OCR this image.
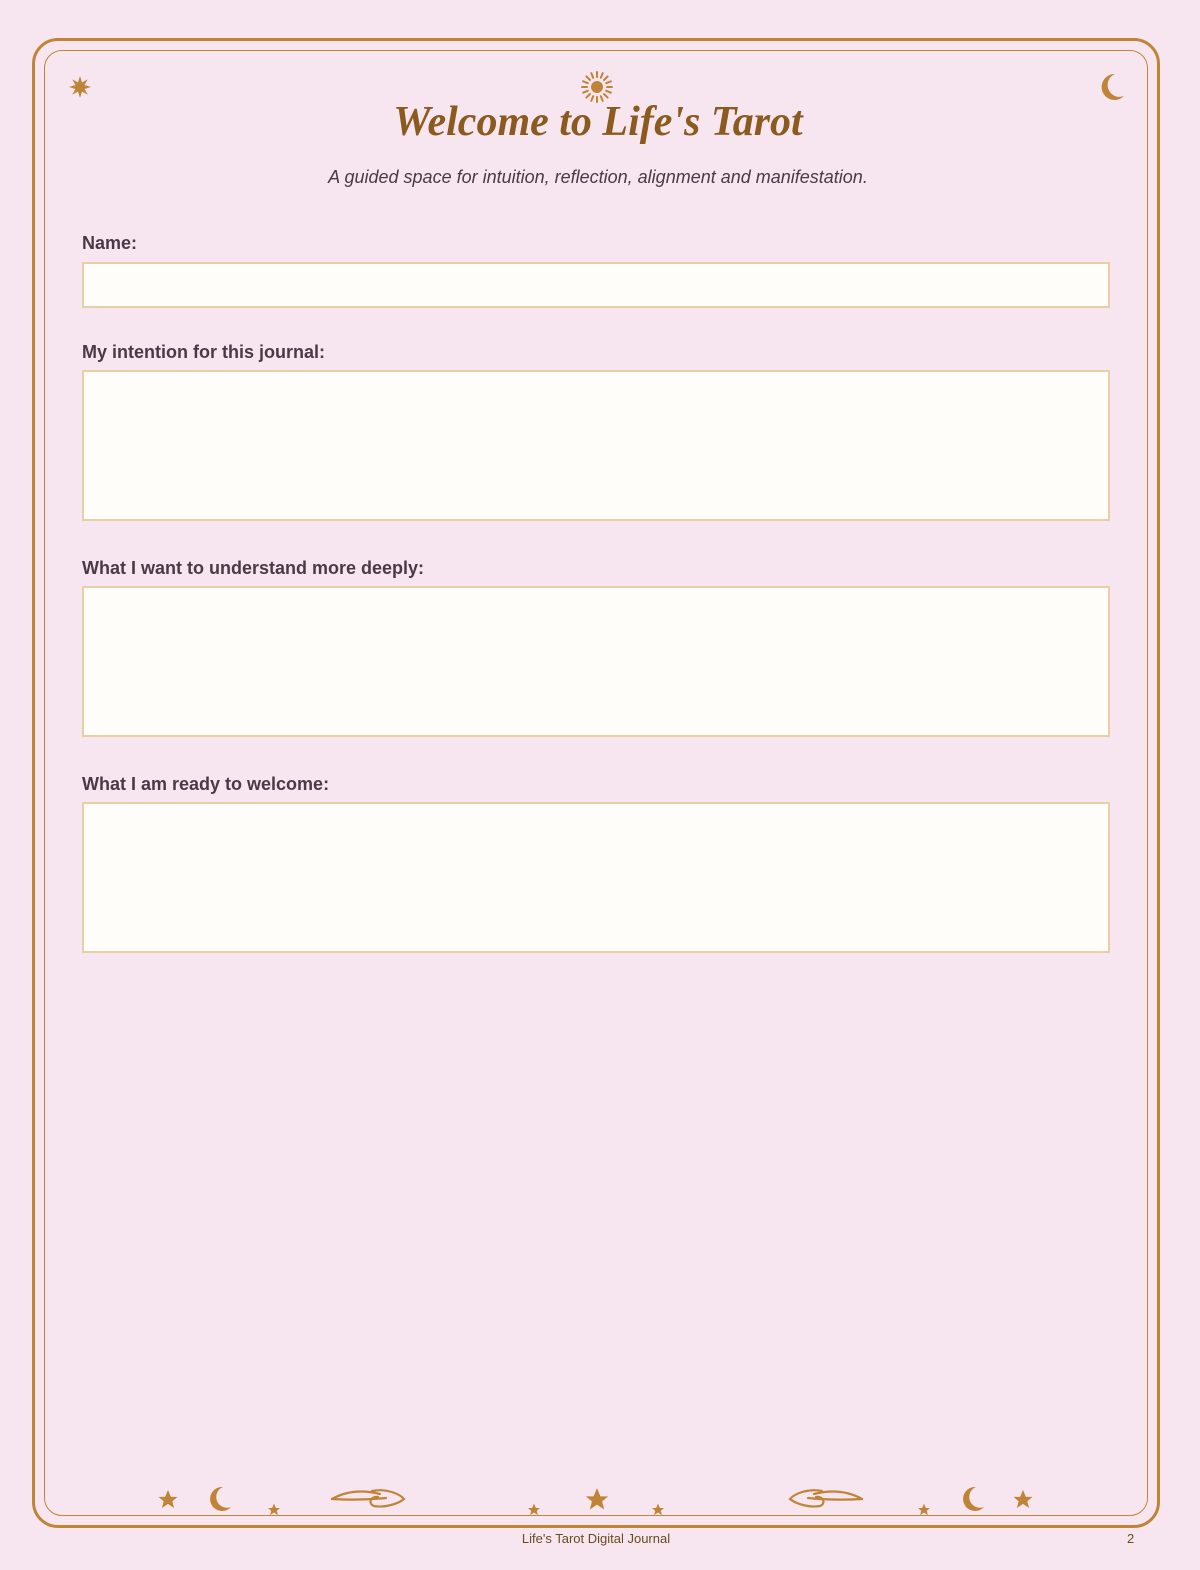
Welcome to Life's Tarot

A guided space for intuition, reflection, alignment and manifestation.

Name:
My intention for this journal:
What I want to understand more deeply:
What I am ready to welcome:
Life's Tarot Digital Journal	2
